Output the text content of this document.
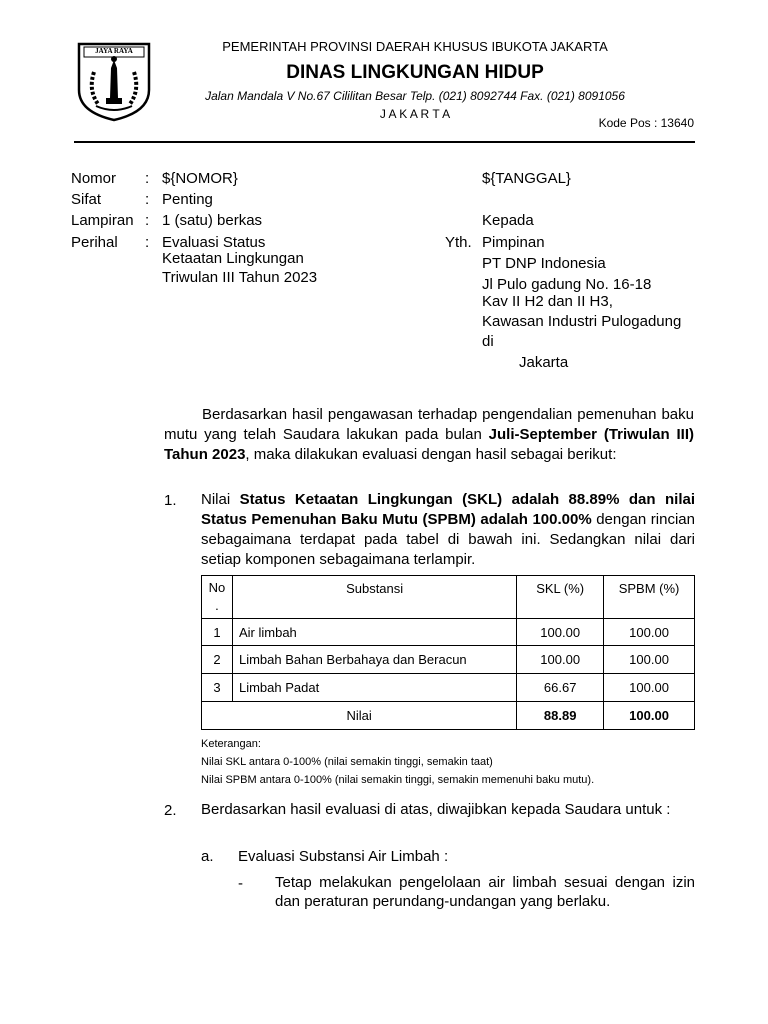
JAYA RAYA	PEMERINTAH PROVINSI DAERAH KHUSUS IBUKOTA JAKARTA
DINAS LINGKUNGAN HIDUP
Jalan Mandala V No.67 Cililitan Besar Telp. (021) 8092744 Fax. (021) 8091056
J A K A R T A
Kode Pos : 13640
Nomor : ${NOMOR}
Sifat	: Penting
Lampiran : 1 (satu) berkas
Perihal : Evaluasi Status
Ketaatan Lingkungan
Triwulan III Tahun 2023
${TANGGAL}
Kepada
Yth. Pimpinan
PT DNP Indonesia
Jl Pulo gadung No. 16-18
Kav II H2 dan II H3,
Kawasan Industri Pulogadung
di
Jakarta
Berdasarkan hasil pengawasan terhadap pengendalian pemenuhan baku mutu yang telah Saudara lakukan pada bulan Juli-September (Triwulan III) Tahun 2023, maka dilakukan evaluasi dengan hasil sebagai berikut:
1. Nilai Status Ketaatan Lingkungan (SKL) adalah 88.89% dan nilai Status Pemenuhan Baku Mutu (SPBM) adalah 100.00% dengan rincian sebagaimana terdapat pada tabel di bawah ini. Sedangkan nilai dari setiap komponen sebagaimana terlampir.
No
.	Substansi	SKL (%)	SPBM (%)
1	Air limbah	100.00	100.00
2	Limbah Bahan Berbahaya dan Beracun	100.00	100.00
3	Limbah Padat	66.67	100.00
Nilai		88.89	100.00
Keterangan:
Nilai SKL antara 0-100% (nilai semakin tinggi, semakin taat)
Nilai SPBM antara 0-100% (nilai semakin tinggi, semakin memenuhi baku mutu).
2. Berdasarkan hasil evaluasi di atas, diwajibkan kepada Saudara untuk :
a. Evaluasi Substansi Air Limbah :
- Tetap melakukan pengelolaan air limbah sesuai dengan izin dan peraturan perundang-undangan yang berlaku.
